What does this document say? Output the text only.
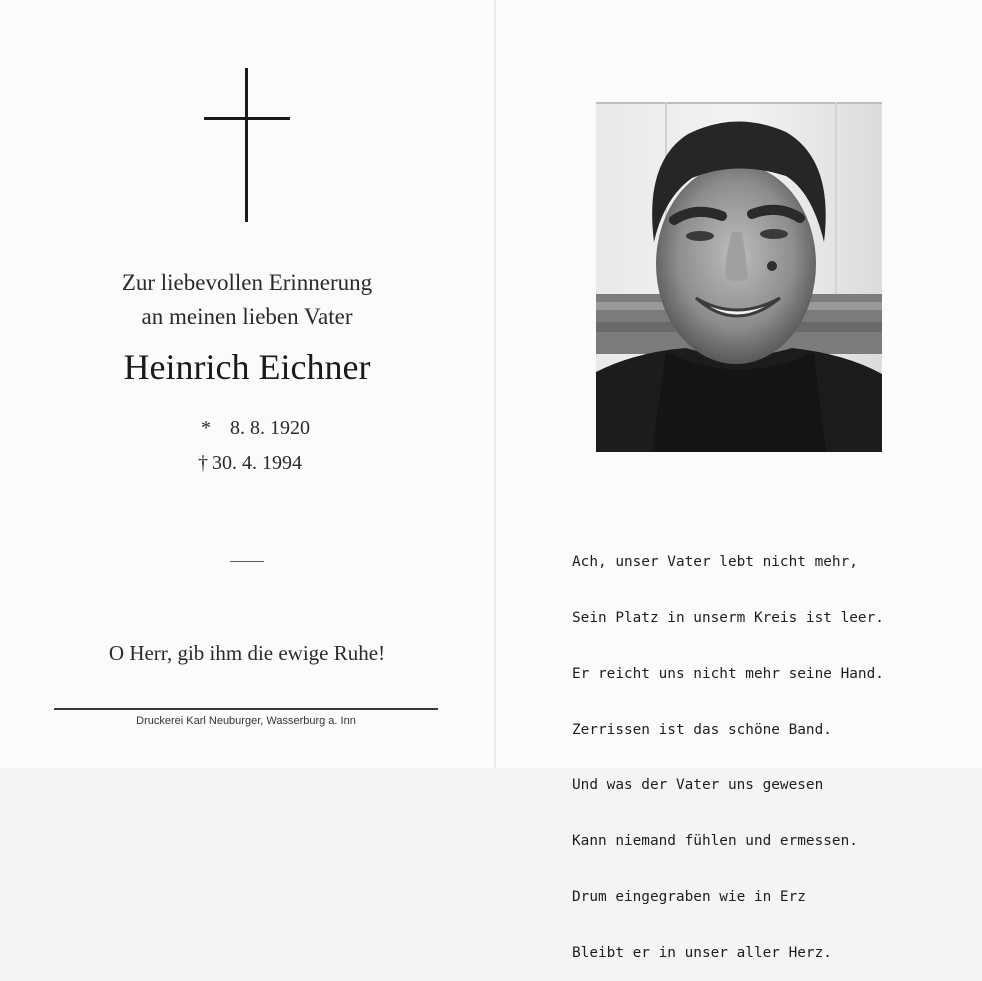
Zur liebevollen Erinnerung
an meinen lieben Vater
Heinrich Eichner
* 8. 8. 1920
† 30. 4. 1994
O Herr, gib ihm die ewige Ruhe!
Druckerei Karl Neuburger, Wasserburg a. Inn

Ach, unser Vater lebt nicht mehr,

Sein Platz in unserm Kreis ist leer.

Er reicht uns nicht mehr seine Hand.

Zerrissen ist das schöne Band.

Und was der Vater uns gewesen

Kann niemand fühlen und ermessen.

Drum eingegraben wie in Erz

Bleibt er in unser aller Herz.
